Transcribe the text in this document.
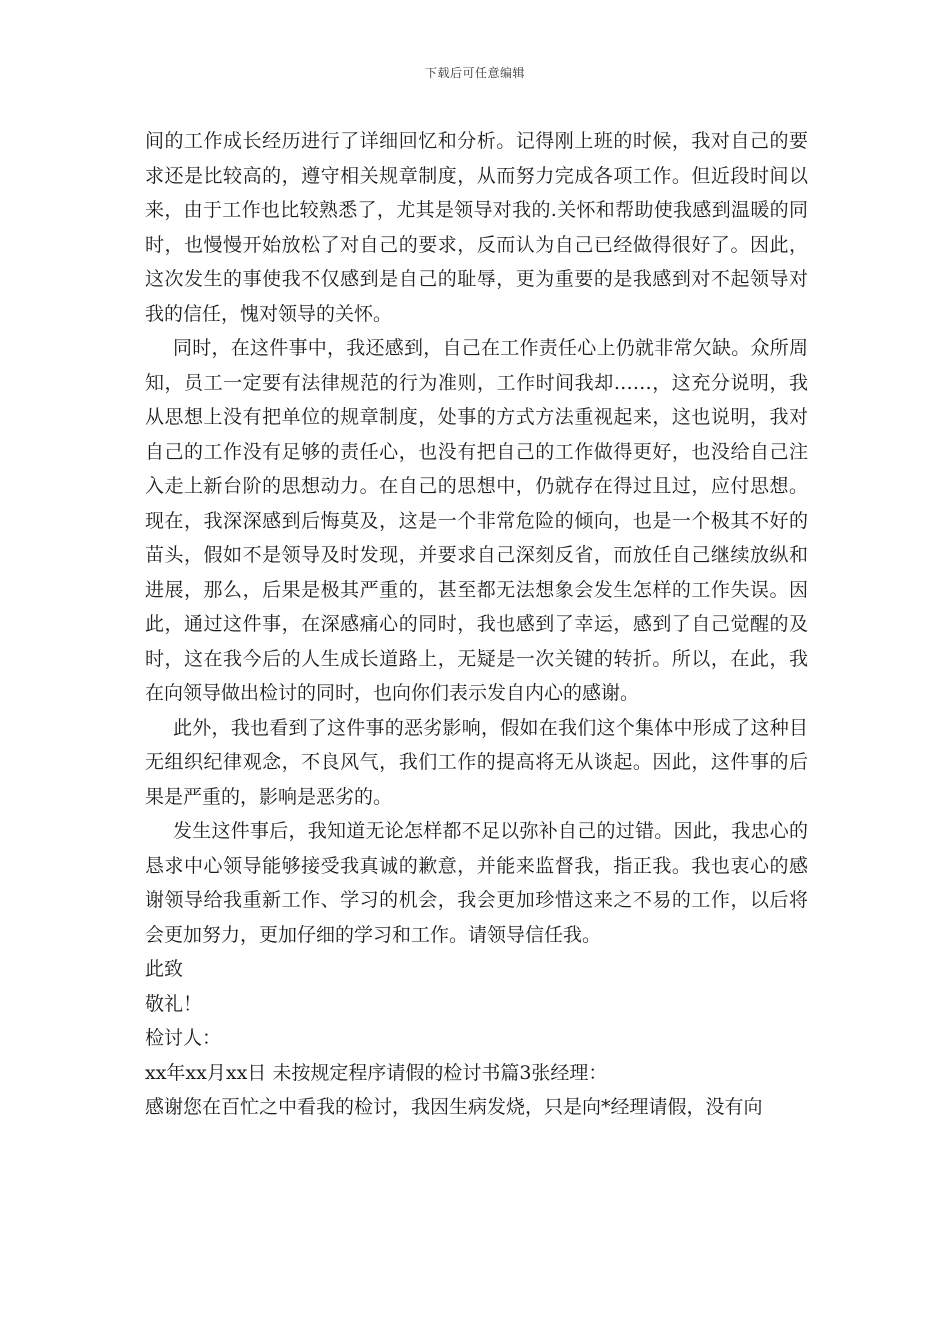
下载后可任意编辑

间的工作成长经历进行了详细回忆和分析。记得刚上班的时候，我对自己的要求还是比较高的，遵守相关规章制度，从而努力完成各项工作。但近段时间以来，由于工作也比较熟悉了，尤其是领导对我的.关怀和帮助使我感到温暖的同时，也慢慢开始放松了对自己的要求，反而认为自己已经做得很好了。因此，这次发生的事使我不仅感到是自己的耻辱，更为重要的是我感到对不起领导对我的信任，愧对领导的关怀。

同时，在这件事中，我还感到，自己在工作责任心上仍就非常欠缺。众所周知，员工一定要有法律规范的行为准则，工作时间我却……，这充分说明，我从思想上没有把单位的规章制度，处事的方式方法重视起来，这也说明，我对自己的工作没有足够的责任心，也没有把自己的工作做得更好，也没给自己注入走上新台阶的思想动力。在自己的思想中，仍就存在得过且过，应付思想。现在，我深深感到后悔莫及，这是一个非常危险的倾向，也是一个极其不好的苗头，假如不是领导及时发现，并要求自己深刻反省，而放任自己继续放纵和进展，那么，后果是极其严重的，甚至都无法想象会发生怎样的工作失误。因此，通过这件事，在深感痛心的同时，我也感到了幸运，感到了自己觉醒的及时，这在我今后的人生成长道路上，无疑是一次关键的转折。所以，在此，我在向领导做出检讨的同时，也向你们表示发自内心的感谢。

此外，我也看到了这件事的恶劣影响，假如在我们这个集体中形成了这种目无组织纪律观念，不良风气，我们工作的提高将无从谈起。因此，这件事的后果是严重的，影响是恶劣的。

发生这件事后，我知道无论怎样都不足以弥补自己的过错。因此，我忠心的恳求中心领导能够接受我真诚的歉意，并能来监督我，指正我。我也衷心的感谢领导给我重新工作、学习的机会，我会更加珍惜这来之不易的工作，以后将会更加努力，更加仔细的学习和工作。请领导信任我。

此致

敬礼！

检讨人：

xx年xx月xx日 未按规定程序请假的检讨书篇3张经理：

感谢您在百忙之中看我的检讨，我因生病发烧，只是向*经理请假，没有向
